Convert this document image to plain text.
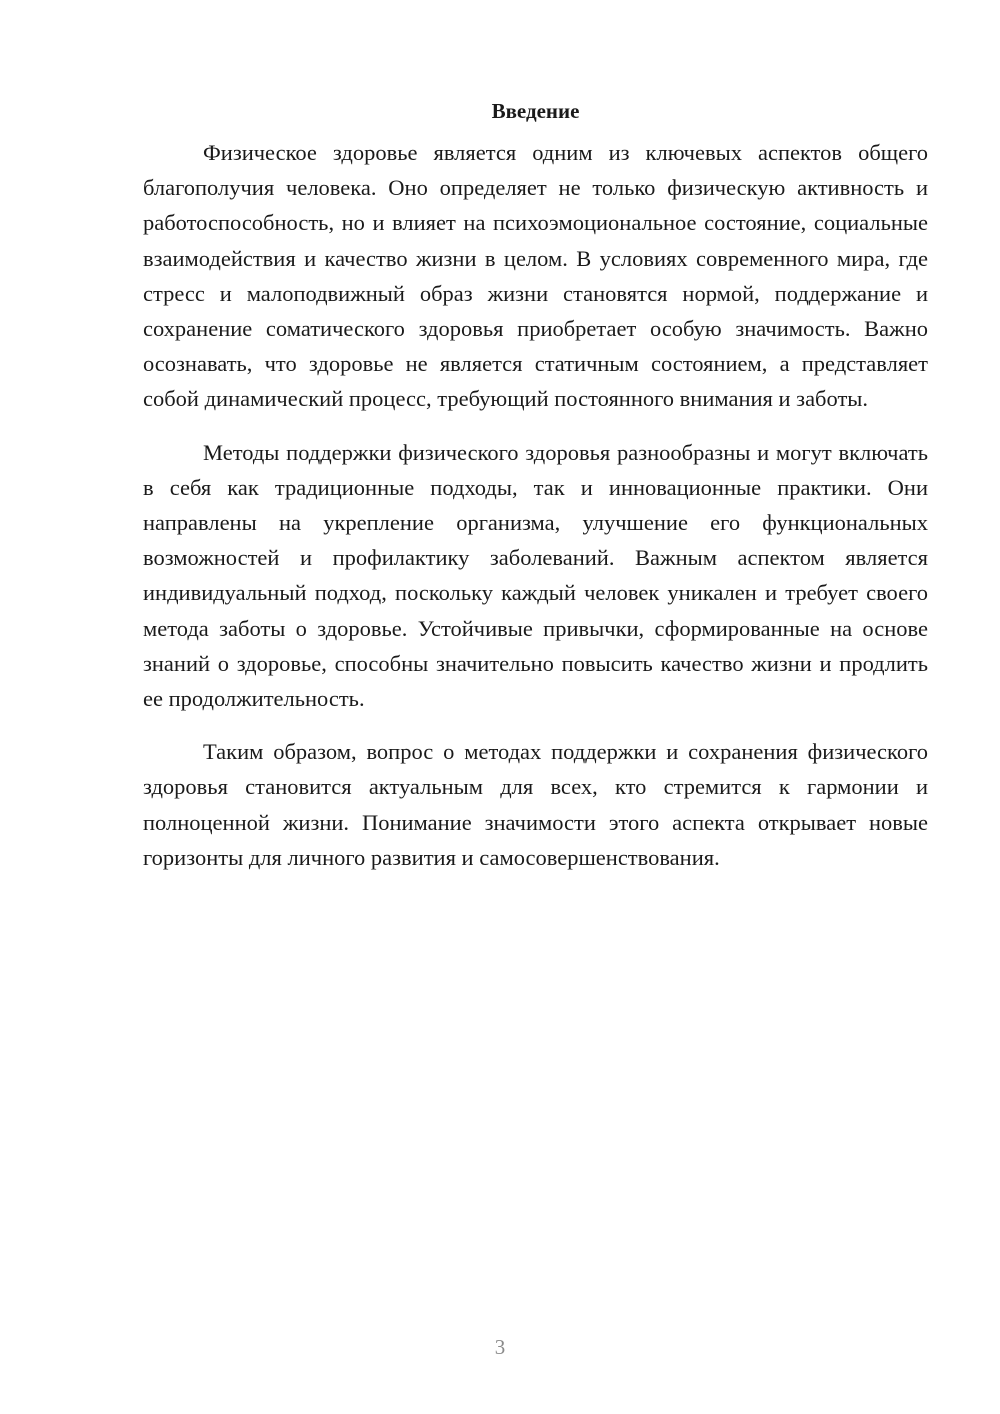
Введение

Физическое здоровье является одним из ключевых аспектов общего благополучия человека. Оно определяет не только физическую активность и работоспособность, но и влияет на психоэмоциональное состояние, социальные взаимодействия и качество жизни в целом. В условиях современного мира, где стресс и малоподвижный образ жизни становятся нормой, поддержание и сохранение соматического здоровья приобретает особую значимость. Важно осознавать, что здоровье не является статичным состоянием, а представляет собой динамический процесс, требующий постоянного внимания и заботы.

Методы поддержки физического здоровья разнообразны и могут включать в себя как традиционные подходы, так и инновационные практики. Они направлены на укрепление организма, улучшение его функциональных возможностей и профилактику заболеваний. Важным аспектом является индивидуальный подход, поскольку каждый человек уникален и требует своего метода заботы о здоровье. Устойчивые привычки, сформированные на основе знаний о здоровье, способны значительно повысить качество жизни и продлить ее продолжительность.

Таким образом, вопрос о методах поддержки и сохранения физического здоровья становится актуальным для всех, кто стремится к гармонии и полноценной жизни. Понимание значимости этого аспекта открывает новые горизонты для личного развития и самосовершенствования.

3
